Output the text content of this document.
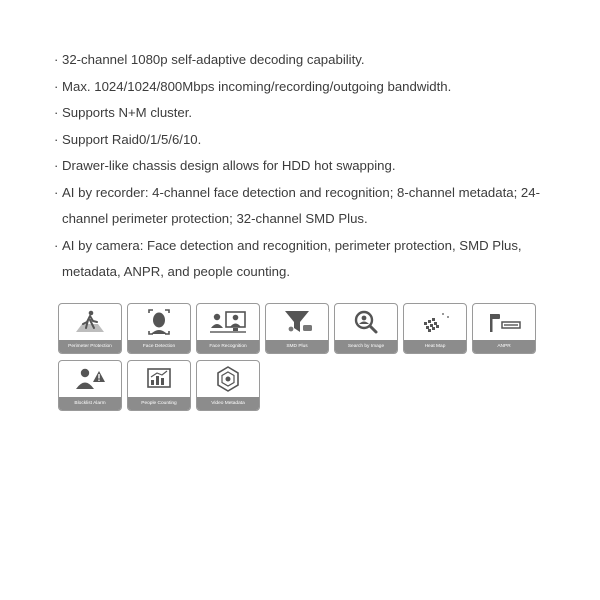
· 32-channel 1080p self-adaptive decoding capability.
· Max. 1024/1024/800Mbps incoming/recording/outgoing bandwidth.
· Supports N+M cluster.
· Support Raid0/1/5/6/10.
· Drawer-like chassis design allows for HDD hot swapping.
· AI by recorder: 4-channel face detection and recognition; 8-channel metadata; 24-channel perimeter protection; 32-channel SMD Plus.
· AI by camera: Face detection and recognition, perimeter protection, SMD Plus, metadata, ANPR, and people counting.
Perimeter Protection	Face Detection	Face Recognition	SMD Plus	Search by Image	Heat Map	ANPR
Blocklist Alarm	People Counting	Video Metadata
